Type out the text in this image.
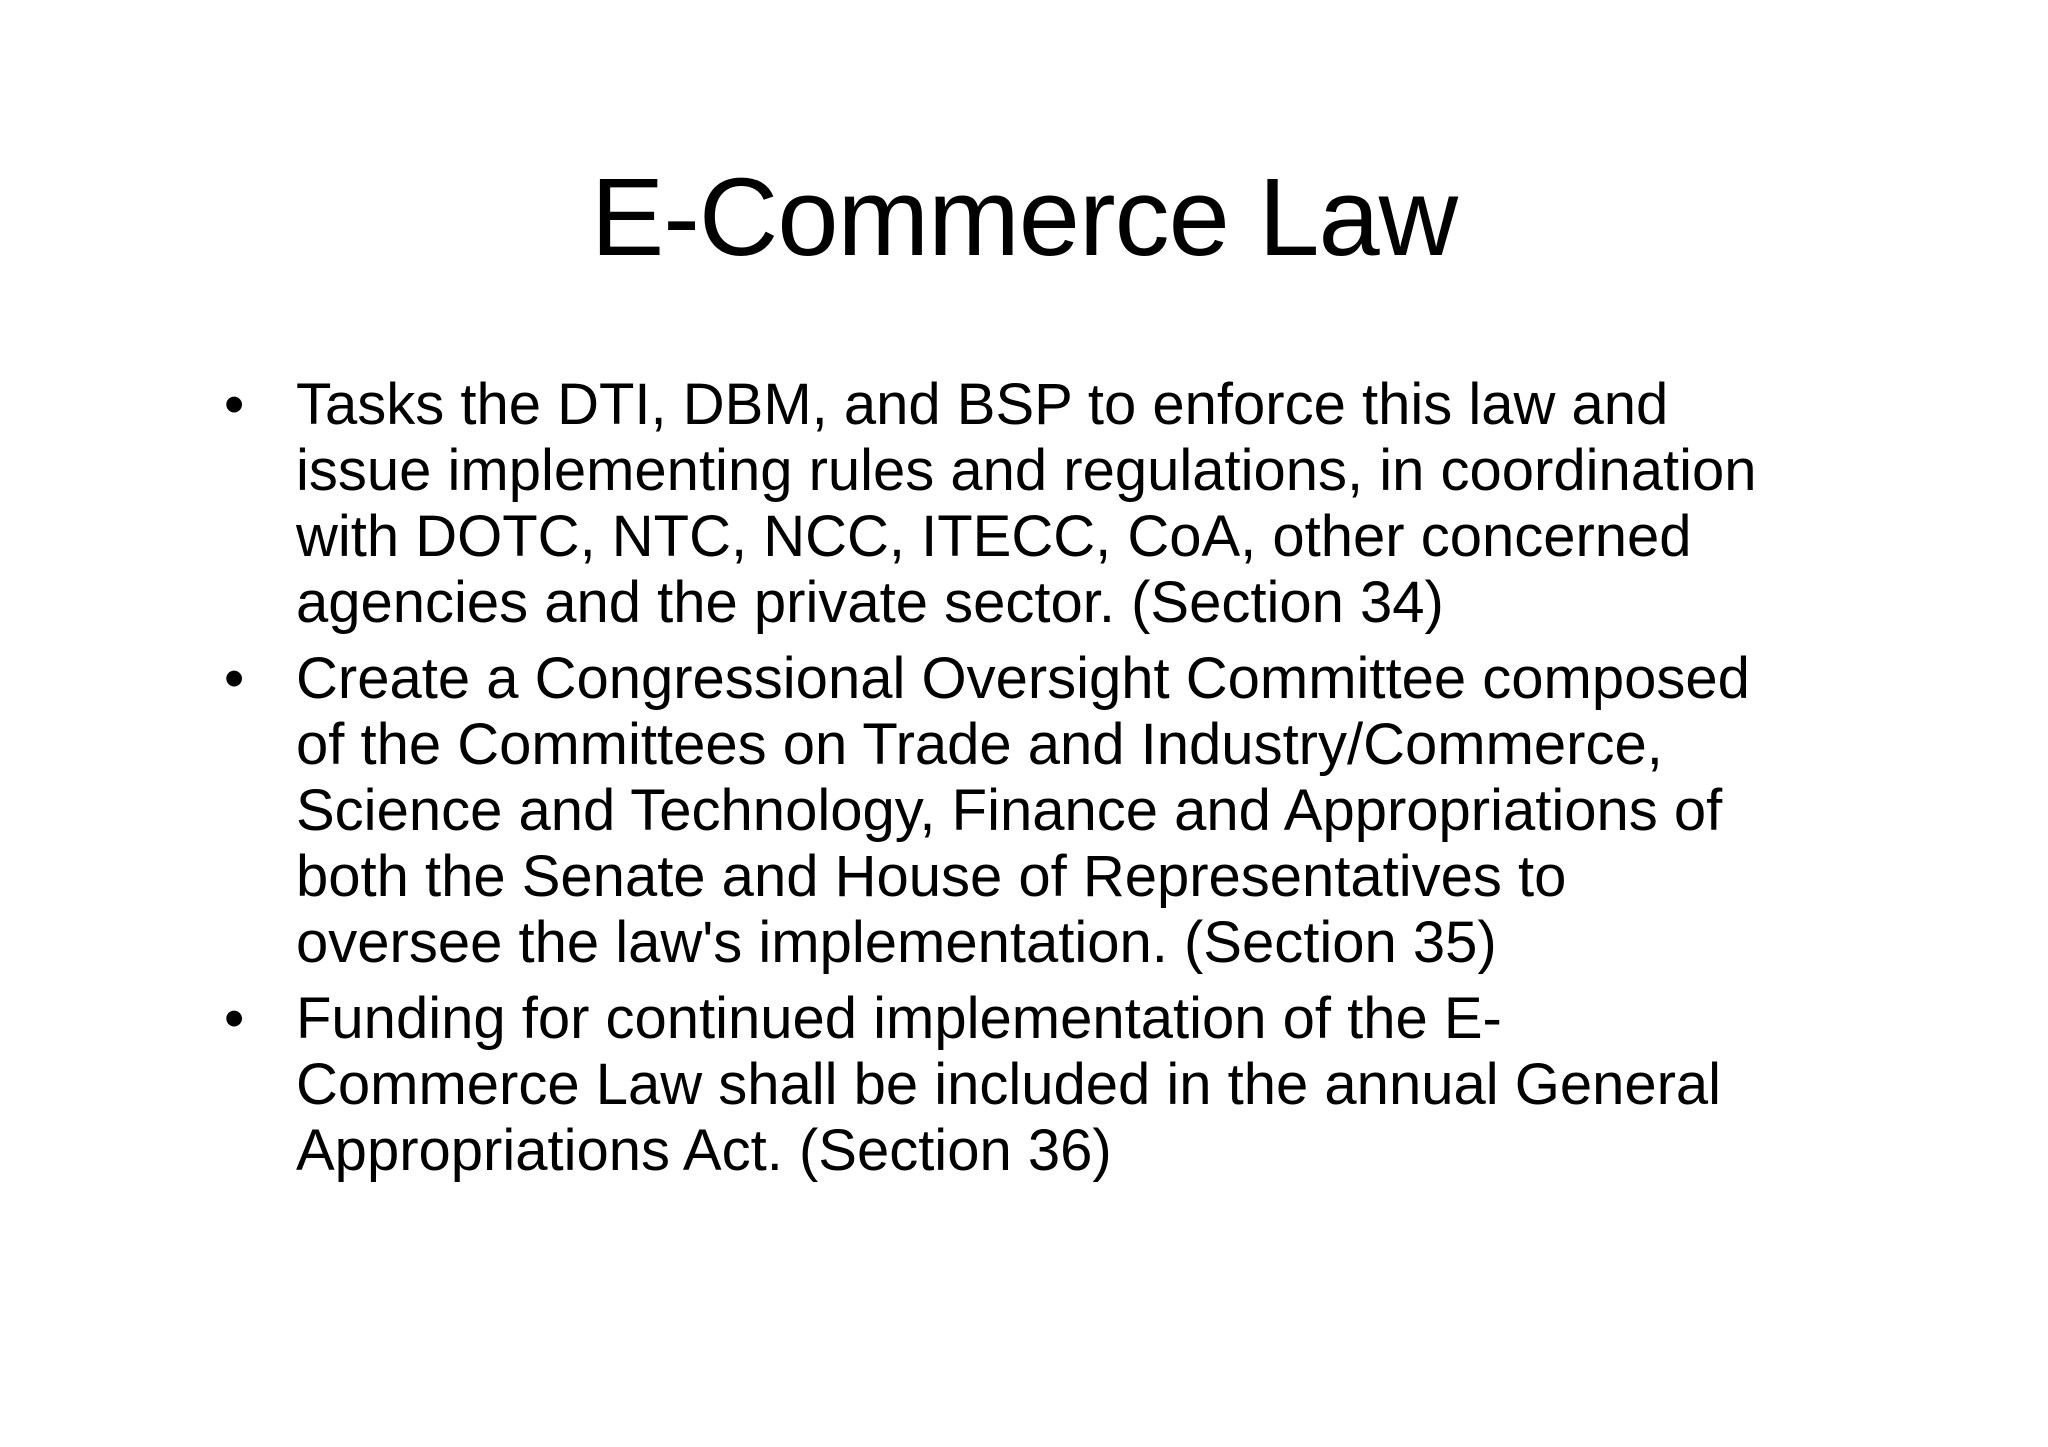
E-Commerce Law
• Tasks the DTI, DBM, and BSP to enforce this law and
issue implementing rules and regulations, in coordination
with DOTC, NTC, NCC, ITECC, CoA, other concerned
agencies and the private sector. (Section 34)
• Create a Congressional Oversight Committee composed
of the Committees on Trade and Industry/Commerce,
Science and Technology, Finance and Appropriations of
both the Senate and House of Representatives to
oversee the law's implementation. (Section 35)
• Funding for continued implementation of the E-
Commerce Law shall be included in the annual General
Appropriations Act. (Section 36)
